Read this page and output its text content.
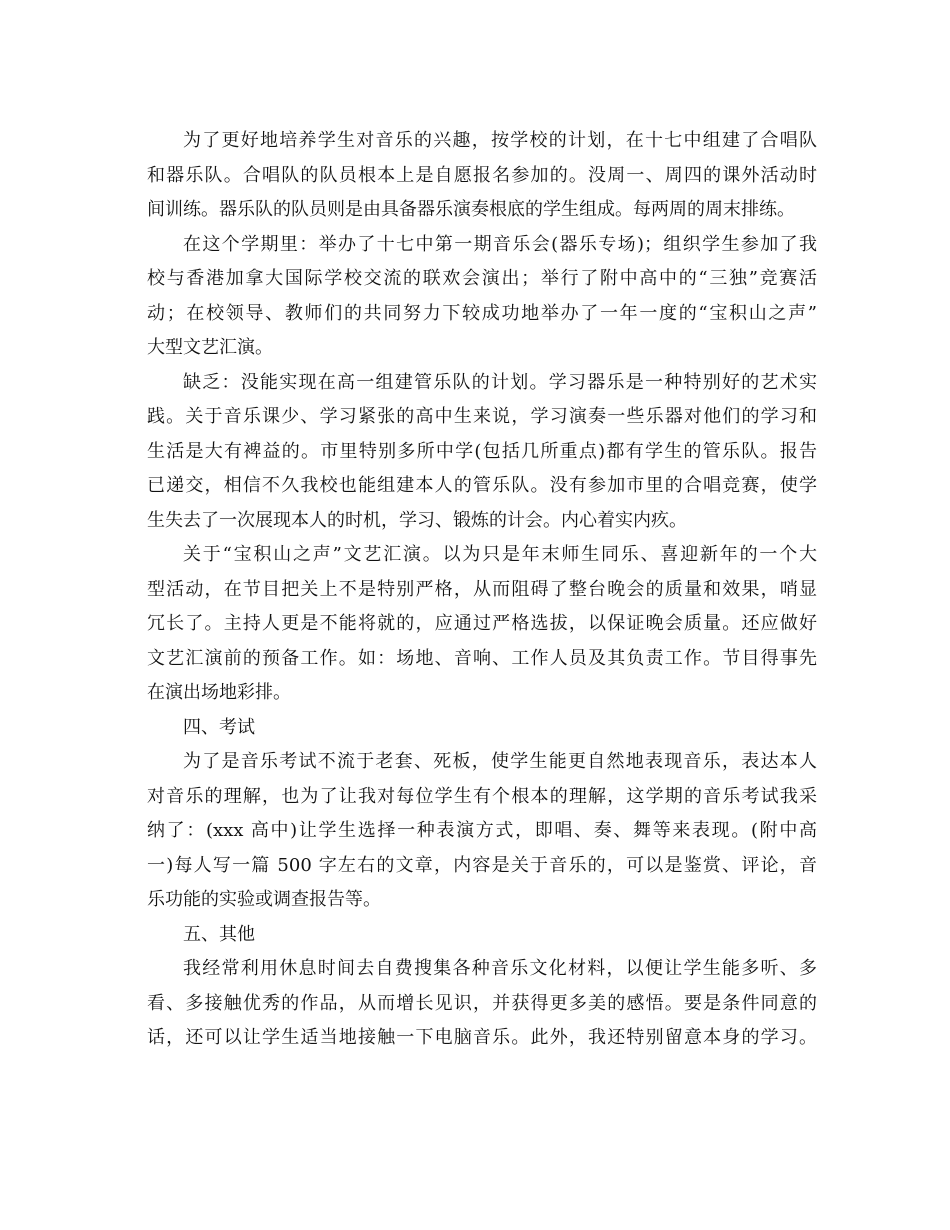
为了更好地培养学生对音乐的兴趣，按学校的计划，在十七中组建了合唱队
和器乐队。合唱队的队员根本上是自愿报名参加的。没周一、周四的课外活动时
间训练。器乐队的队员则是由具备器乐演奏根底的学生组成。每两周的周末排练。
在这个学期里：举办了十七中第一期音乐会(器乐专场)；组织学生参加了我
校与香港加拿大国际学校交流的联欢会演出；举行了附中高中的“三独”竞赛活
动；在校领导、教师们的共同努力下较成功地举办了一年一度的“宝积山之声”
大型文艺汇演。
缺乏：没能实现在高一组建管乐队的计划。学习器乐是一种特别好的艺术实
践。关于音乐课少、学习紧张的高中生来说，学习演奏一些乐器对他们的学习和
生活是大有裨益的。市里特别多所中学(包括几所重点)都有学生的管乐队。报告
已递交，相信不久我校也能组建本人的管乐队。没有参加市里的合唱竞赛，使学
生失去了一次展现本人的时机，学习、锻炼的计会。内心着实内疚。
关于“宝积山之声”文艺汇演。以为只是年末师生同乐、喜迎新年的一个大
型活动，在节目把关上不是特别严格，从而阻碍了整台晚会的质量和效果，哨显
冗长了。主持人更是不能将就的，应通过严格选拔，以保证晚会质量。还应做好
文艺汇演前的预备工作。如：场地、音响、工作人员及其负责工作。节目得事先
在演出场地彩排。
四、考试
为了是音乐考试不流于老套、死板，使学生能更自然地表现音乐，表达本人
对音乐的理解，也为了让我对每位学生有个根本的理解，这学期的音乐考试我采
纳了：(xxx 高中)让学生选择一种表演方式，即唱、奏、舞等来表现。(附中高
一)每人写一篇 500 字左右的文章，内容是关于音乐的，可以是鉴赏、评论，音
乐功能的实验或调查报告等。
五、其他
我经常利用休息时间去自费搜集各种音乐文化材料，以便让学生能多听、多
看、多接触优秀的作品，从而增长见识，并获得更多美的感悟。要是条件同意的
话，还可以让学生适当地接触一下电脑音乐。此外，我还特别留意本身的学习。
